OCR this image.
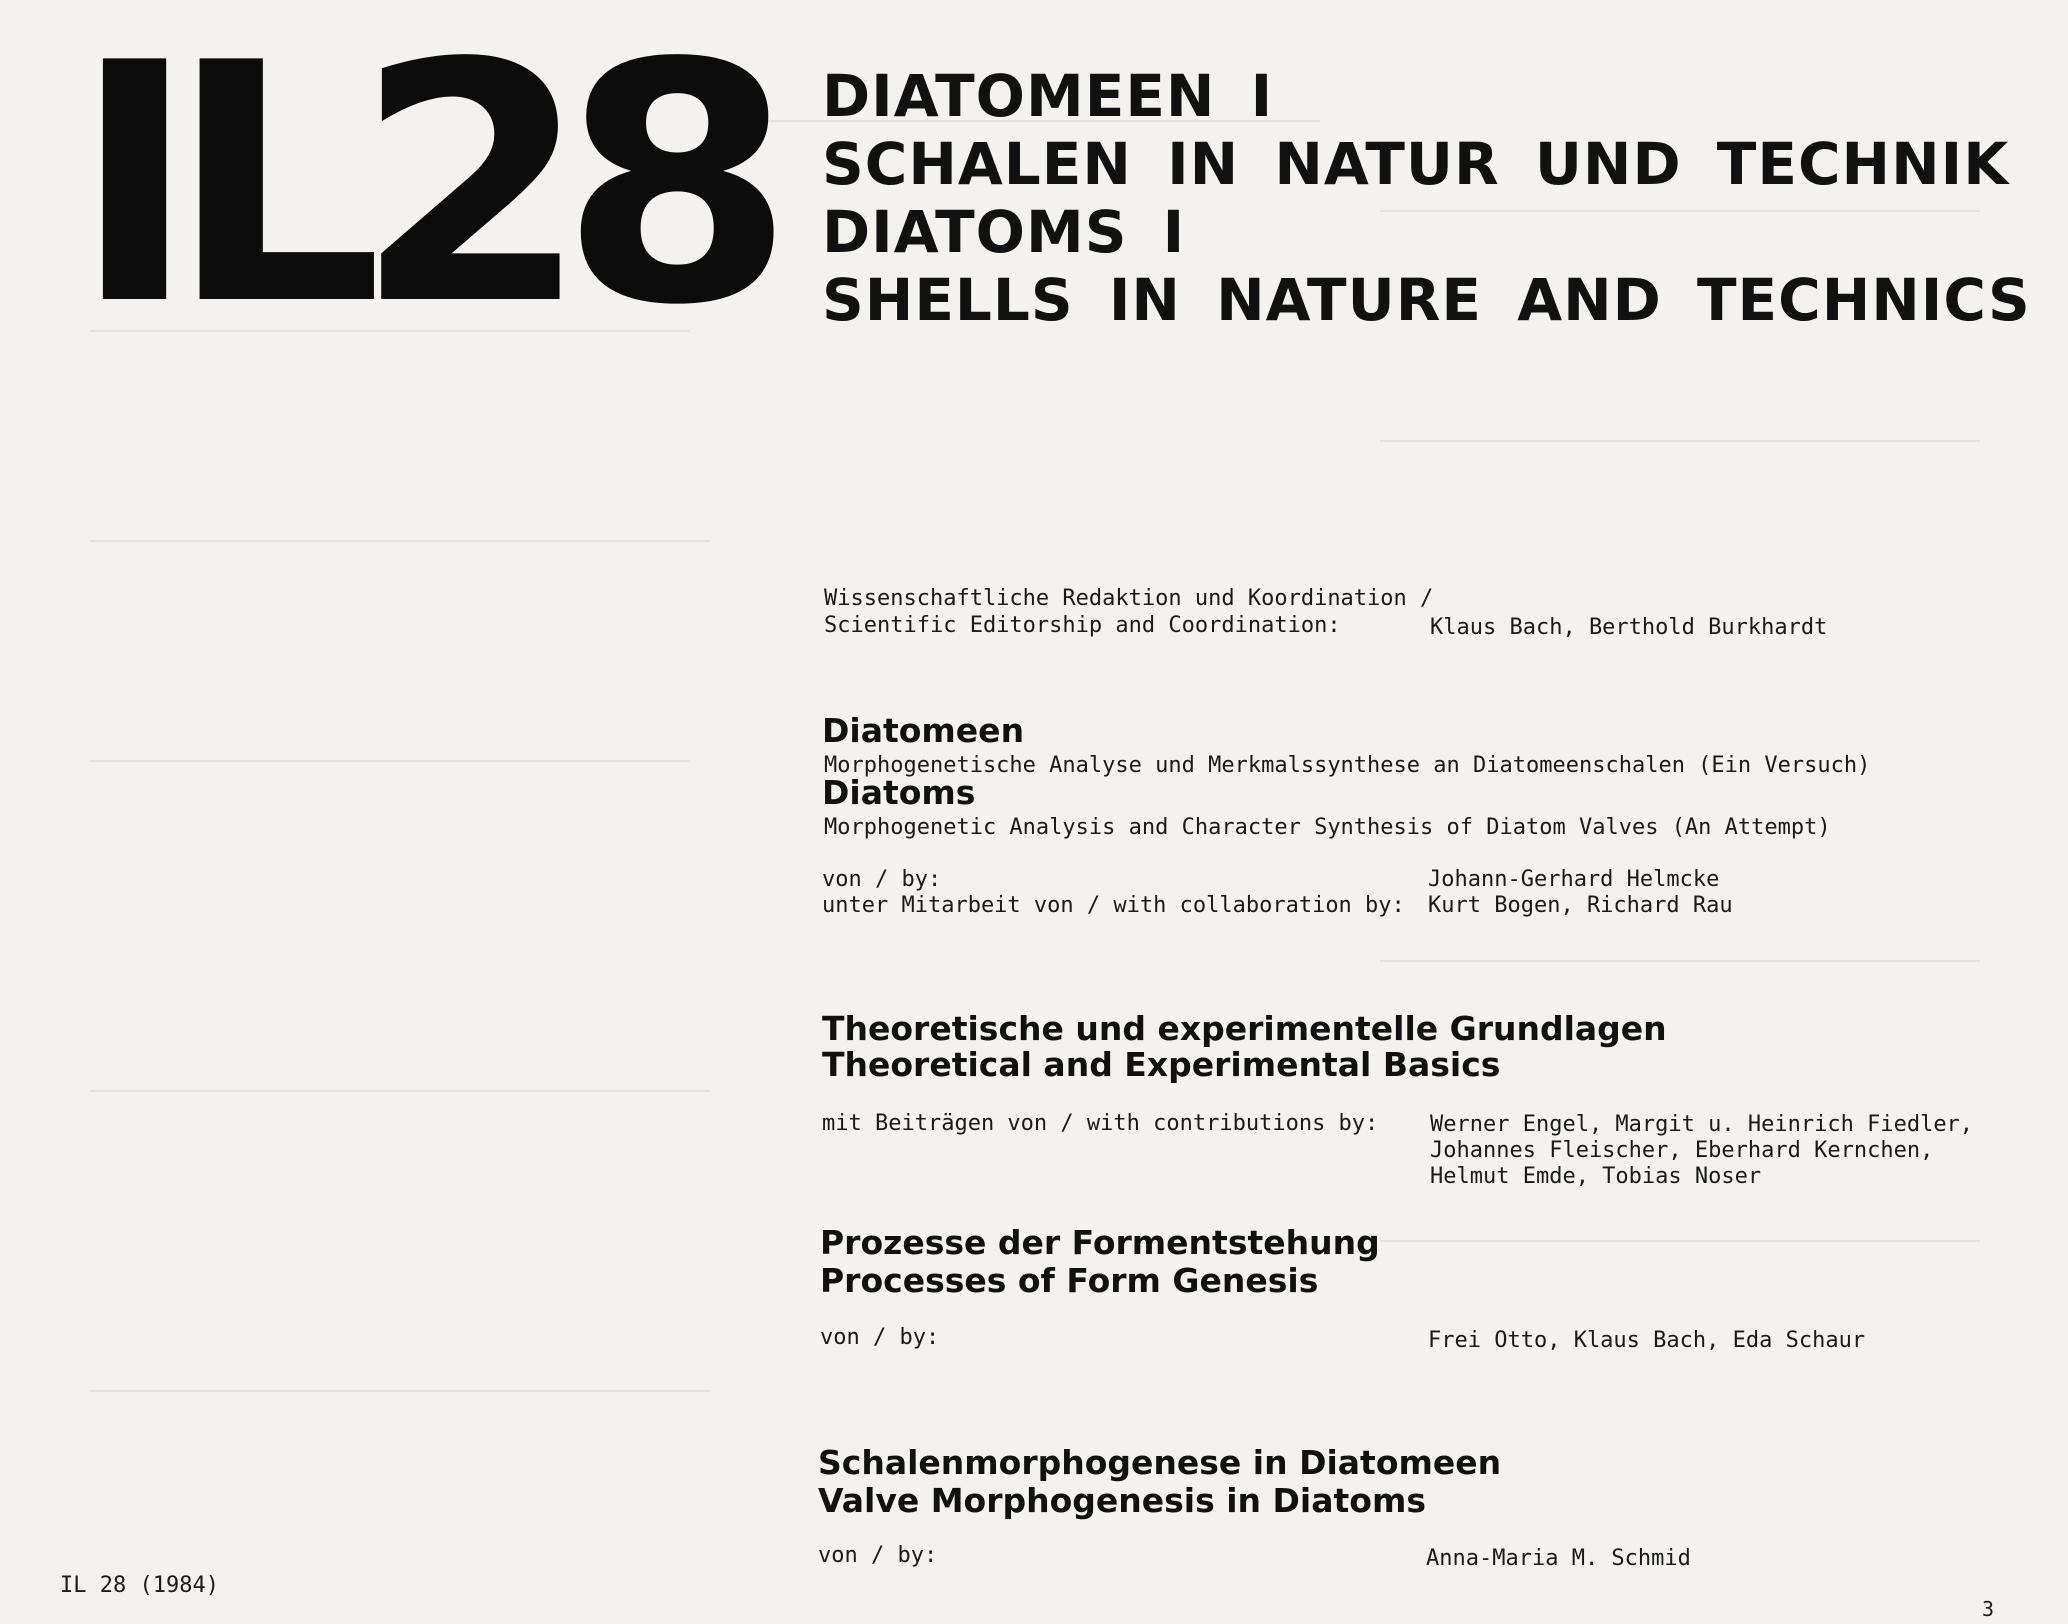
IL28 DIATOMEEN I
SCHALEN IN NATUR UND TECHNIK
DIATOMS I
SHELLS IN NATURE AND TECHNICS
Wissenschaftliche Redaktion und Koordination /
Scientific Editorship and Coordination:	Klaus Bach, Berthold Burkhardt
Diatomeen
Morphogenetische Analyse und Merkmalssynthese an Diatomeenschalen (Ein Versuch)
Diatoms
Morphogenetic Analysis and Character Synthesis of Diatom Valves (An Attempt)
von / by:	Johann-Gerhard Helmcke
unter Mitarbeit von / with collaboration by: Kurt Bogen, Richard Rau
Theoretische und experimentelle Grundlagen
Theoretical and Experimental Basics
mit Beiträgen von / with contributions by: Werner Engel, Margit u. Heinrich Fiedler,
Johannes Fleischer, Eberhard Kernchen,
Helmut Emde, Tobias Noser
Prozesse der Formentstehung
Processes of Form Genesis
von / by:	Frei Otto, Klaus Bach, Eda Schaur
Schalenmorphogenese in Diatomeen
Valve Morphogenesis in Diatoms
von / by:	Anna-Maria M. Schmid
IL 28 (1984)
3
